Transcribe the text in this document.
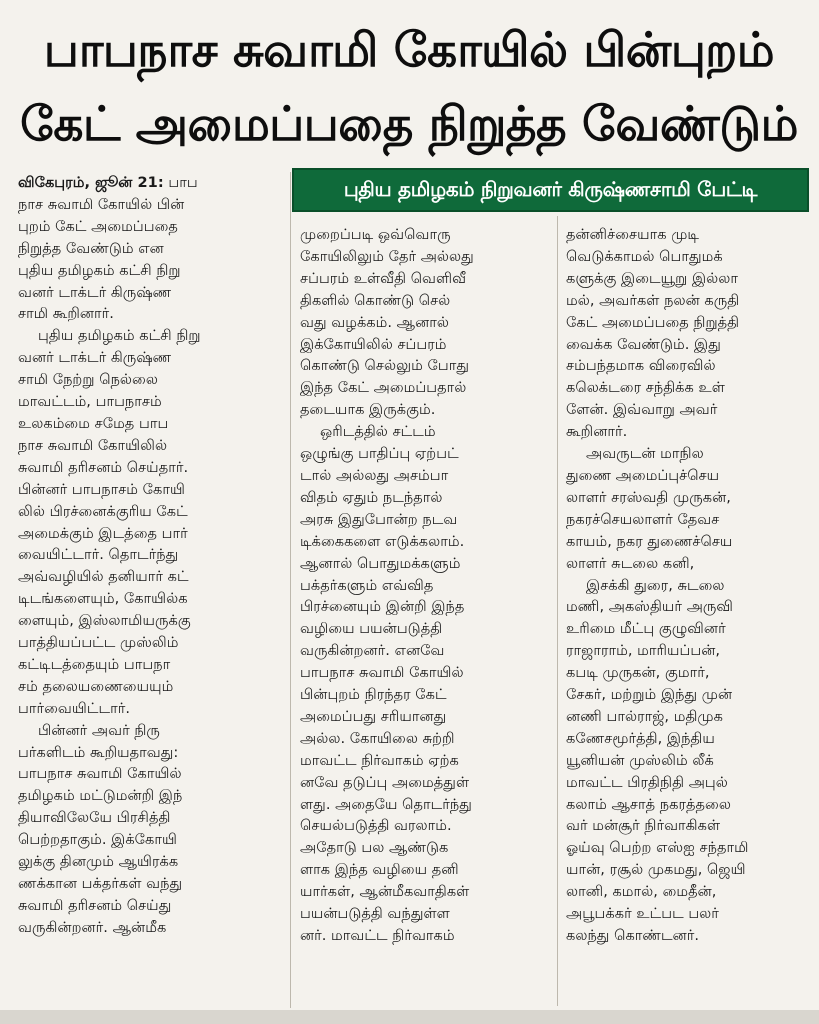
பாபநாச சுவாமி கோயில் பின்புறம்
கேட் அமைப்பதை நிறுத்த வேண்டும்
புதிய தமிழகம் நிறுவனர் கிருஷ்ணசாமி பேட்டி

விகேபுரம், ஜூன் 21: பாப
நாச சுவாமி கோயில் பின்
புறம் கேட் அமைப்பதை
நிறுத்த வேண்டும் என
புதிய தமிழகம் கட்சி நிறு
வனர் டாக்டர் கிருஷ்ண
சாமி கூறினார்.

புதிய தமிழகம் கட்சி நிறு
வனர் டாக்டர் கிருஷ்ண
சாமி நேற்று நெல்லை
மாவட்டம், பாபநாசம்
உலகம்மை சமேத பாப
நாச சுவாமி கோயிலில்
சுவாமி தரிசனம் செய்தார்.
பின்னர் பாபநாசம் கோயி
லில் பிரச்னைக்குரிய கேட்
அமைக்கும் இடத்தை பார்
வையிட்டார். தொடர்ந்து
அவ்வழியில் தனியார் கட்
டிடங்களையும், கோயில்க
ளையும், இஸ்லாமியருக்கு
பாத்தியப்பட்ட முஸ்லிம்
கட்டிடத்தையும் பாபநா
சம் தலையணையையும்
பார்வையிட்டார்.

பின்னர் அவர் நிரு
பர்களிடம் கூறியதாவது:
பாபநாச சுவாமி கோயில்
தமிழகம் மட்டுமன்றி இந்
தியாவிலேயே பிரசித்தி
பெற்றதாகும். இக்கோயி
லுக்கு தினமும் ஆயிரக்க
ணக்கான பக்தர்கள் வந்து
சுவாமி தரிசனம் செய்து
வருகின்றனர். ஆன்மீக

முறைப்படி ஒவ்வொரு
கோயிலிலும் தேர் அல்லது
சப்பரம் உள்வீதி வெளிவீ
திகளில் கொண்டு செல்
வது வழக்கம். ஆனால்
இக்கோயிலில் சப்பரம்
கொண்டு செல்லும் போது
இந்த கேட் அமைப்பதால்
தடையாக இருக்கும்.

ஒரிடத்தில் சட்டம்
ஒழுங்கு பாதிப்பு ஏற்பட்
டால் அல்லது அசம்பா
விதம் ஏதும் நடந்தால்
அரசு இதுபோன்ற நடவ
டிக்கைகளை எடுக்கலாம்.
ஆனால் பொதுமக்களும்
பக்தர்களும் எவ்வித
பிரச்னையும் இன்றி இந்த
வழியை பயன்படுத்தி
வருகின்றனர். எனவே
பாபநாச சுவாமி கோயில்
பின்புறம் நிரந்தர கேட்
அமைப்பது சரியானது
அல்ல. கோயிலை சுற்றி
மாவட்ட நிர்வாகம் ஏற்க
னவே தடுப்பு அமைத்துள்
ளது. அதையே தொடர்ந்து
செயல்படுத்தி வரலாம்.
அதோடு பல ஆண்டுக
ளாக இந்த வழியை தனி
யார்கள், ஆன்மீகவாதிகள்
பயன்படுத்தி வந்துள்ள
னர். மாவட்ட நிர்வாகம்

தன்னிச்சையாக முடி
வெடுக்காமல் பொதுமக்
களுக்கு இடையூறு இல்லா
மல், அவர்கள் நலன் கருதி
கேட் அமைப்பதை நிறுத்தி
வைக்க வேண்டும். இது
சம்பந்தமாக விரைவில்
கலெக்டரை சந்திக்க உள்
ளேன். இவ்வாறு அவர்
கூறினார்.

அவருடன் மாநில
துணை அமைப்புச்செய
லாளர் சரஸ்வதி முருகன்,
நகரச்செயலாளர் தேவச
காயம், நகர துணைச்செய
லாளர் சுடலை கனி,

இசக்கி துரை, சுடலை
மணி, அகஸ்தியர் அருவி
உரிமை மீட்பு குழுவினர்
ராஜாராம், மாரியப்பன்,
கபடி முருகன், குமார்,
சேகர், மற்றும் இந்து முன்
னணி பால்ராஜ், மதிமுக
கணேசமூர்த்தி, இந்திய
யூனியன் முஸ்லிம் லீக்
மாவட்ட பிரதிநிதி அபுல்
கலாம் ஆசாத் நகரத்தலை
வர் மன்சூர் நிர்வாகிகள்
ஓய்வு பெற்ற எஸ்ஐ சந்தாமி
யான், ரசூல் முகமது, ஜெயி
லானி, கமால், மைதீன்,
அபூபக்கர் உட்பட பலர்
கலந்து கொண்டனர்.
